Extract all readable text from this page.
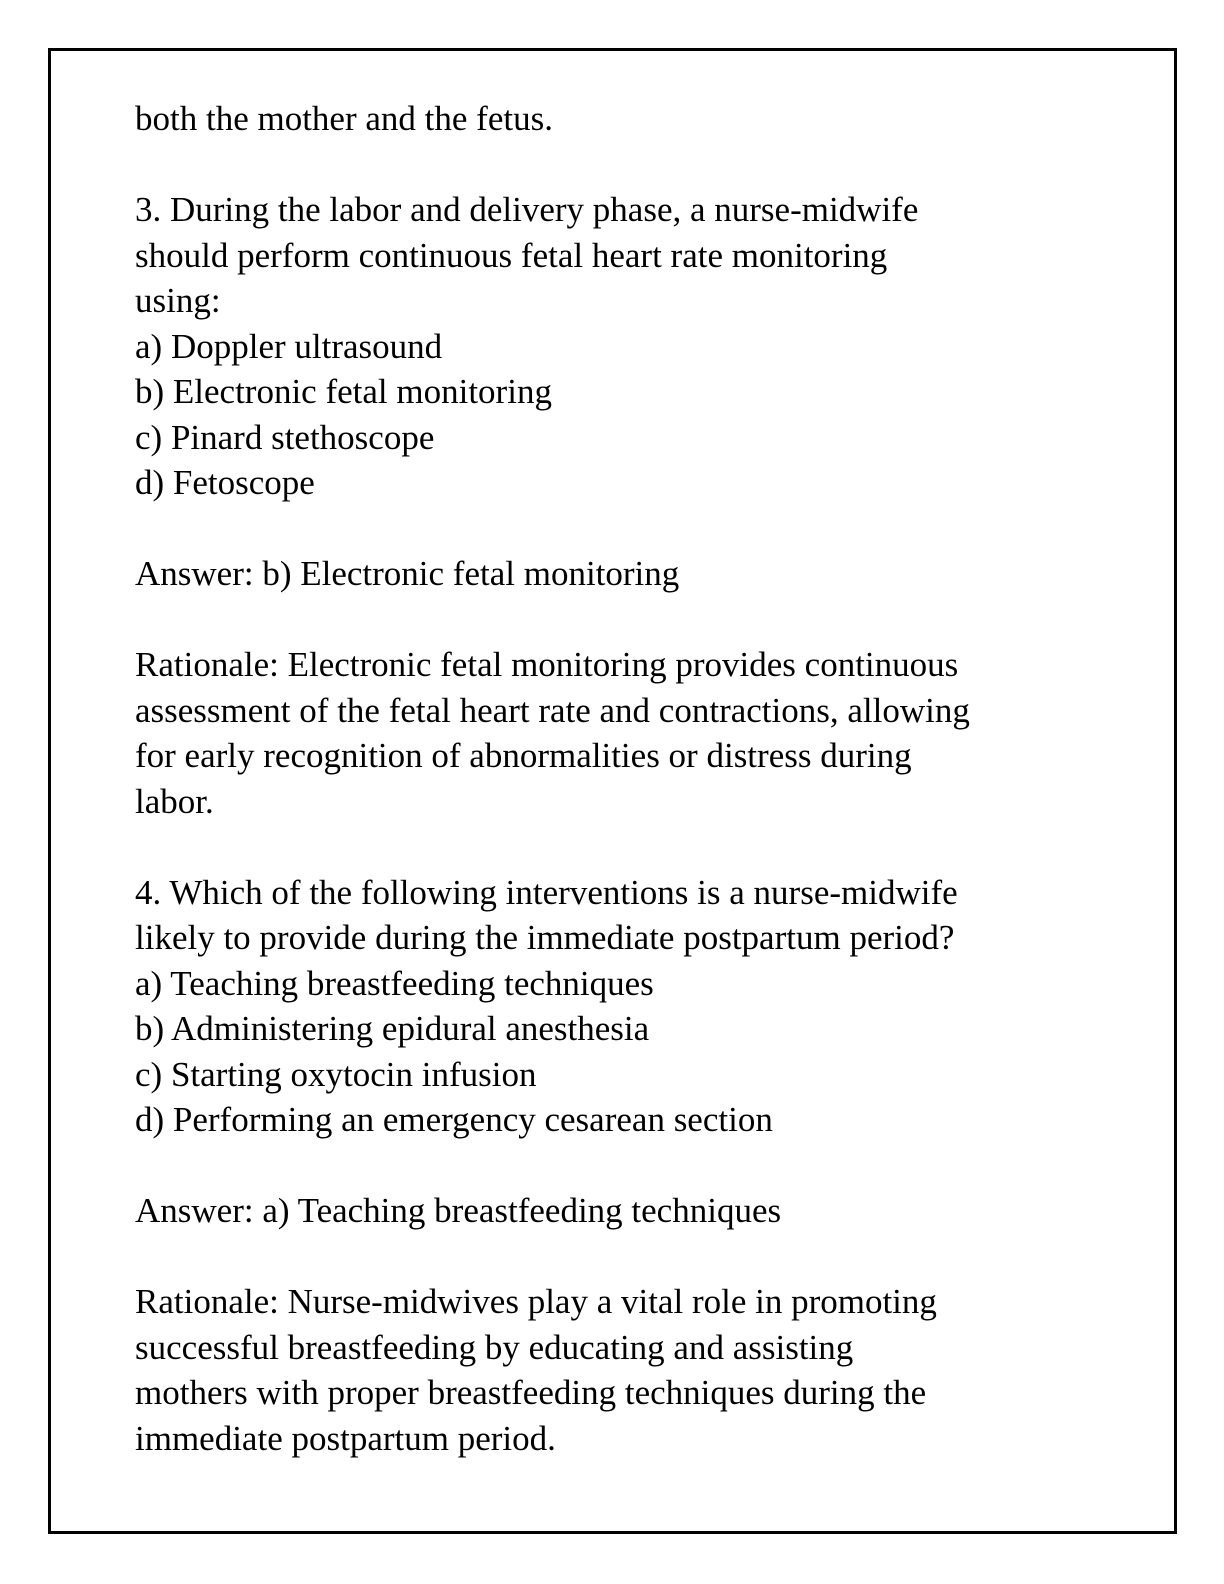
both the mother and the fetus.
3. During the labor and delivery phase, a nurse-midwife
should perform continuous fetal heart rate monitoring
using:
a) Doppler ultrasound
b) Electronic fetal monitoring
c) Pinard stethoscope
d) Fetoscope
Answer: b) Electronic fetal monitoring
Rationale: Electronic fetal monitoring provides continuous
assessment of the fetal heart rate and contractions, allowing
for early recognition of abnormalities or distress during
labor.
4. Which of the following interventions is a nurse-midwife
likely to provide during the immediate postpartum period?
a) Teaching breastfeeding techniques
b) Administering epidural anesthesia
c) Starting oxytocin infusion
d) Performing an emergency cesarean section
Answer: a) Teaching breastfeeding techniques
Rationale: Nurse-midwives play a vital role in promoting
successful breastfeeding by educating and assisting
mothers with proper breastfeeding techniques during the
immediate postpartum period.
